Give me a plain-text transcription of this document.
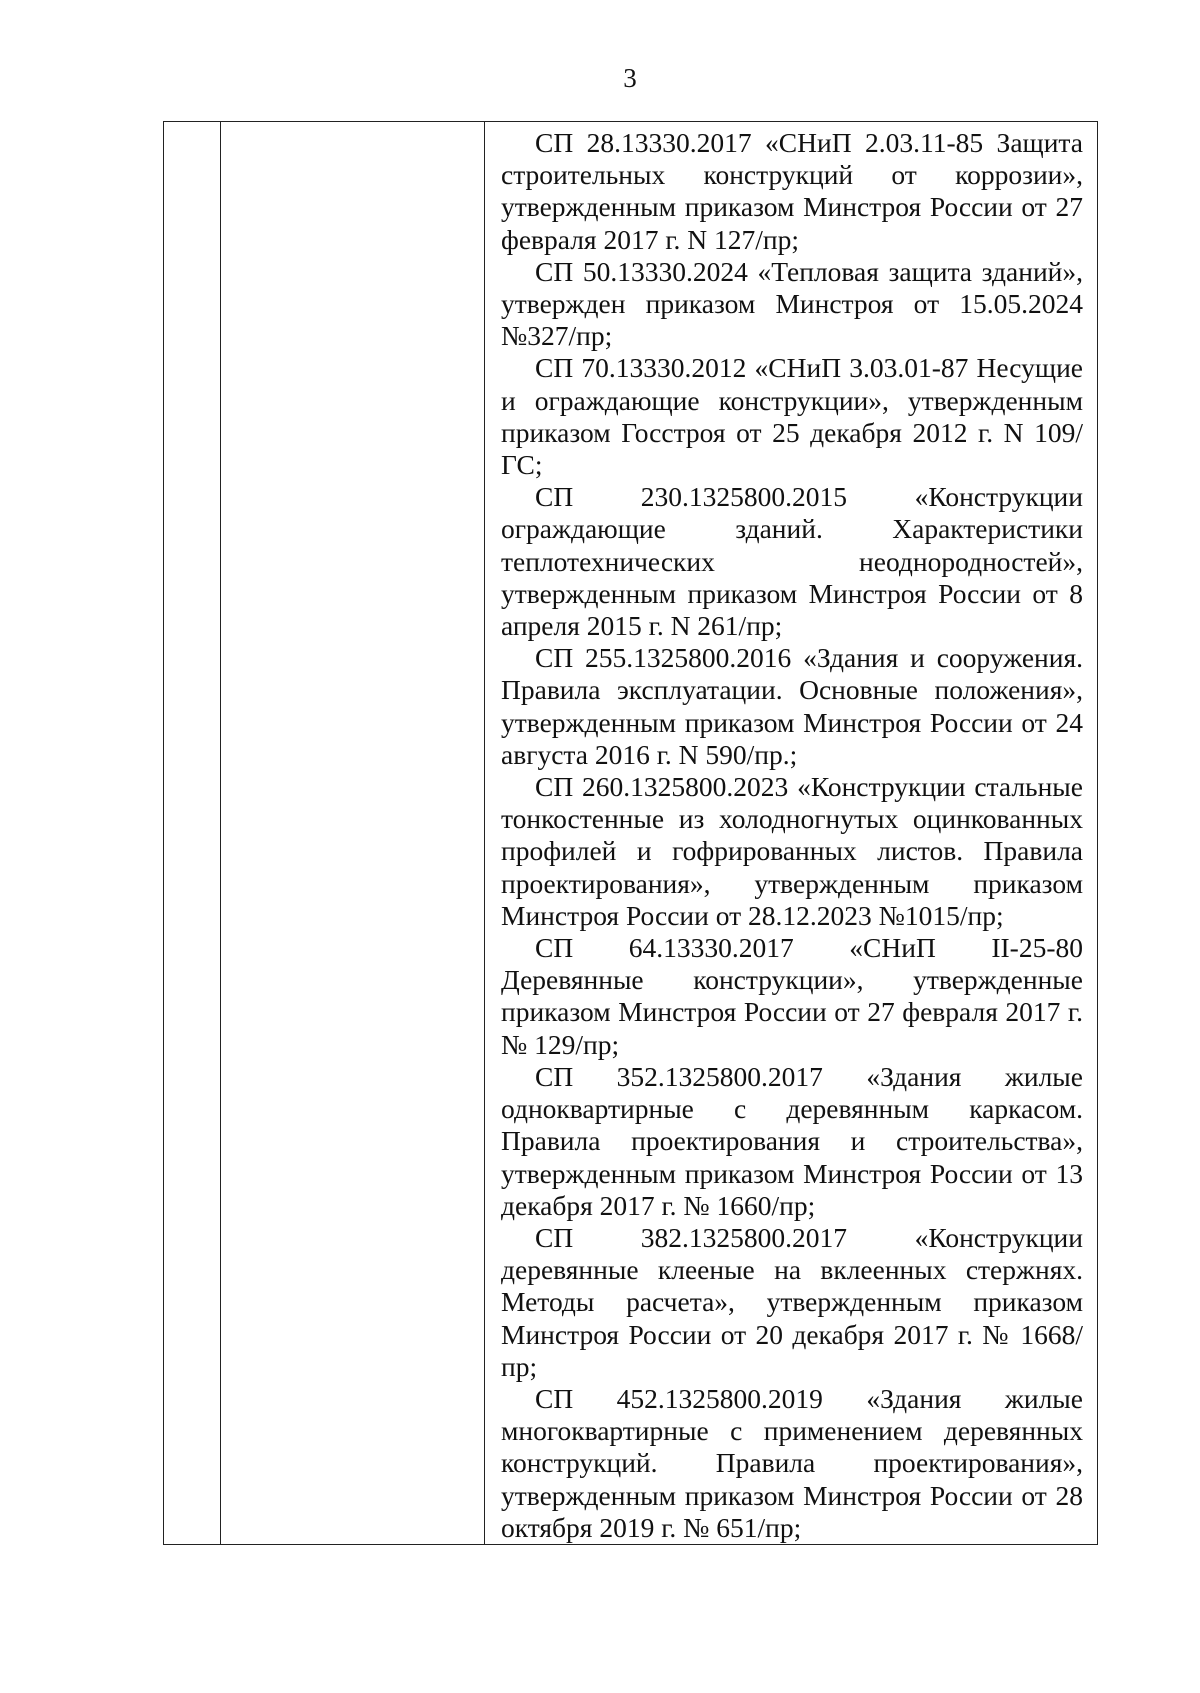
3

СП 28.13330.2017 «СНиП 2.03.11-85 Защита строительных конструкций от коррозии», утвержденным приказом Минстроя России от 27 февраля 2017 г. N 127/пр;

СП 50.13330.2024 «Тепловая защита зданий», утвержден приказом Минстроя от 15.05.2024 №327/пр;

СП 70.13330.2012 «СНиП 3.03.01-87 Несущие и ограждающие конструкции», утвержденным приказом Госстроя от 25 декабря 2012 г. N 109/ГС;

СП 230.1325800.2015 «Конструкции ограждающие зданий. Характеристики теплотехнических неоднородностей», утвержденным приказом Минстроя России от 8 апреля 2015 г. N 261/пр;

СП 255.1325800.2016 «Здания и сооружения. Правила эксплуатации. Основные положения», утвержденным приказом Минстроя России от 24 августа 2016 г. N 590/пр.;

СП 260.1325800.2023 «Конструкции стальные тонкостенные из холодногнутых оцинкованных профилей и гофрированных листов. Правила проектирования», утвержденным приказом Минстроя России от 28.12.2023 №1015/пр;

СП 64.13330.2017 «СНиП II-25-80 Деревянные конструкции», утвержденные приказом Минстроя России от 27 февраля 2017 г. № 129/пр;

СП 352.1325800.2017 «Здания жилые одноквартирные с деревянным каркасом. Правила проектирования и строительства», утвержденным приказом Минстроя России от 13 декабря 2017 г. № 1660/пр;

СП 382.1325800.2017 «Конструкции деревянные клееные на вклеенных стержнях. Методы расчета», утвержденным приказом Минстроя России от 20 декабря 2017 г. № 1668/пр;

СП 452.1325800.2019 «Здания жилые многоквартирные с применением деревянных конструкций. Правила проектирования», утвержденным приказом Минстроя России от 28 октября 2019 г. № 651/пр;
